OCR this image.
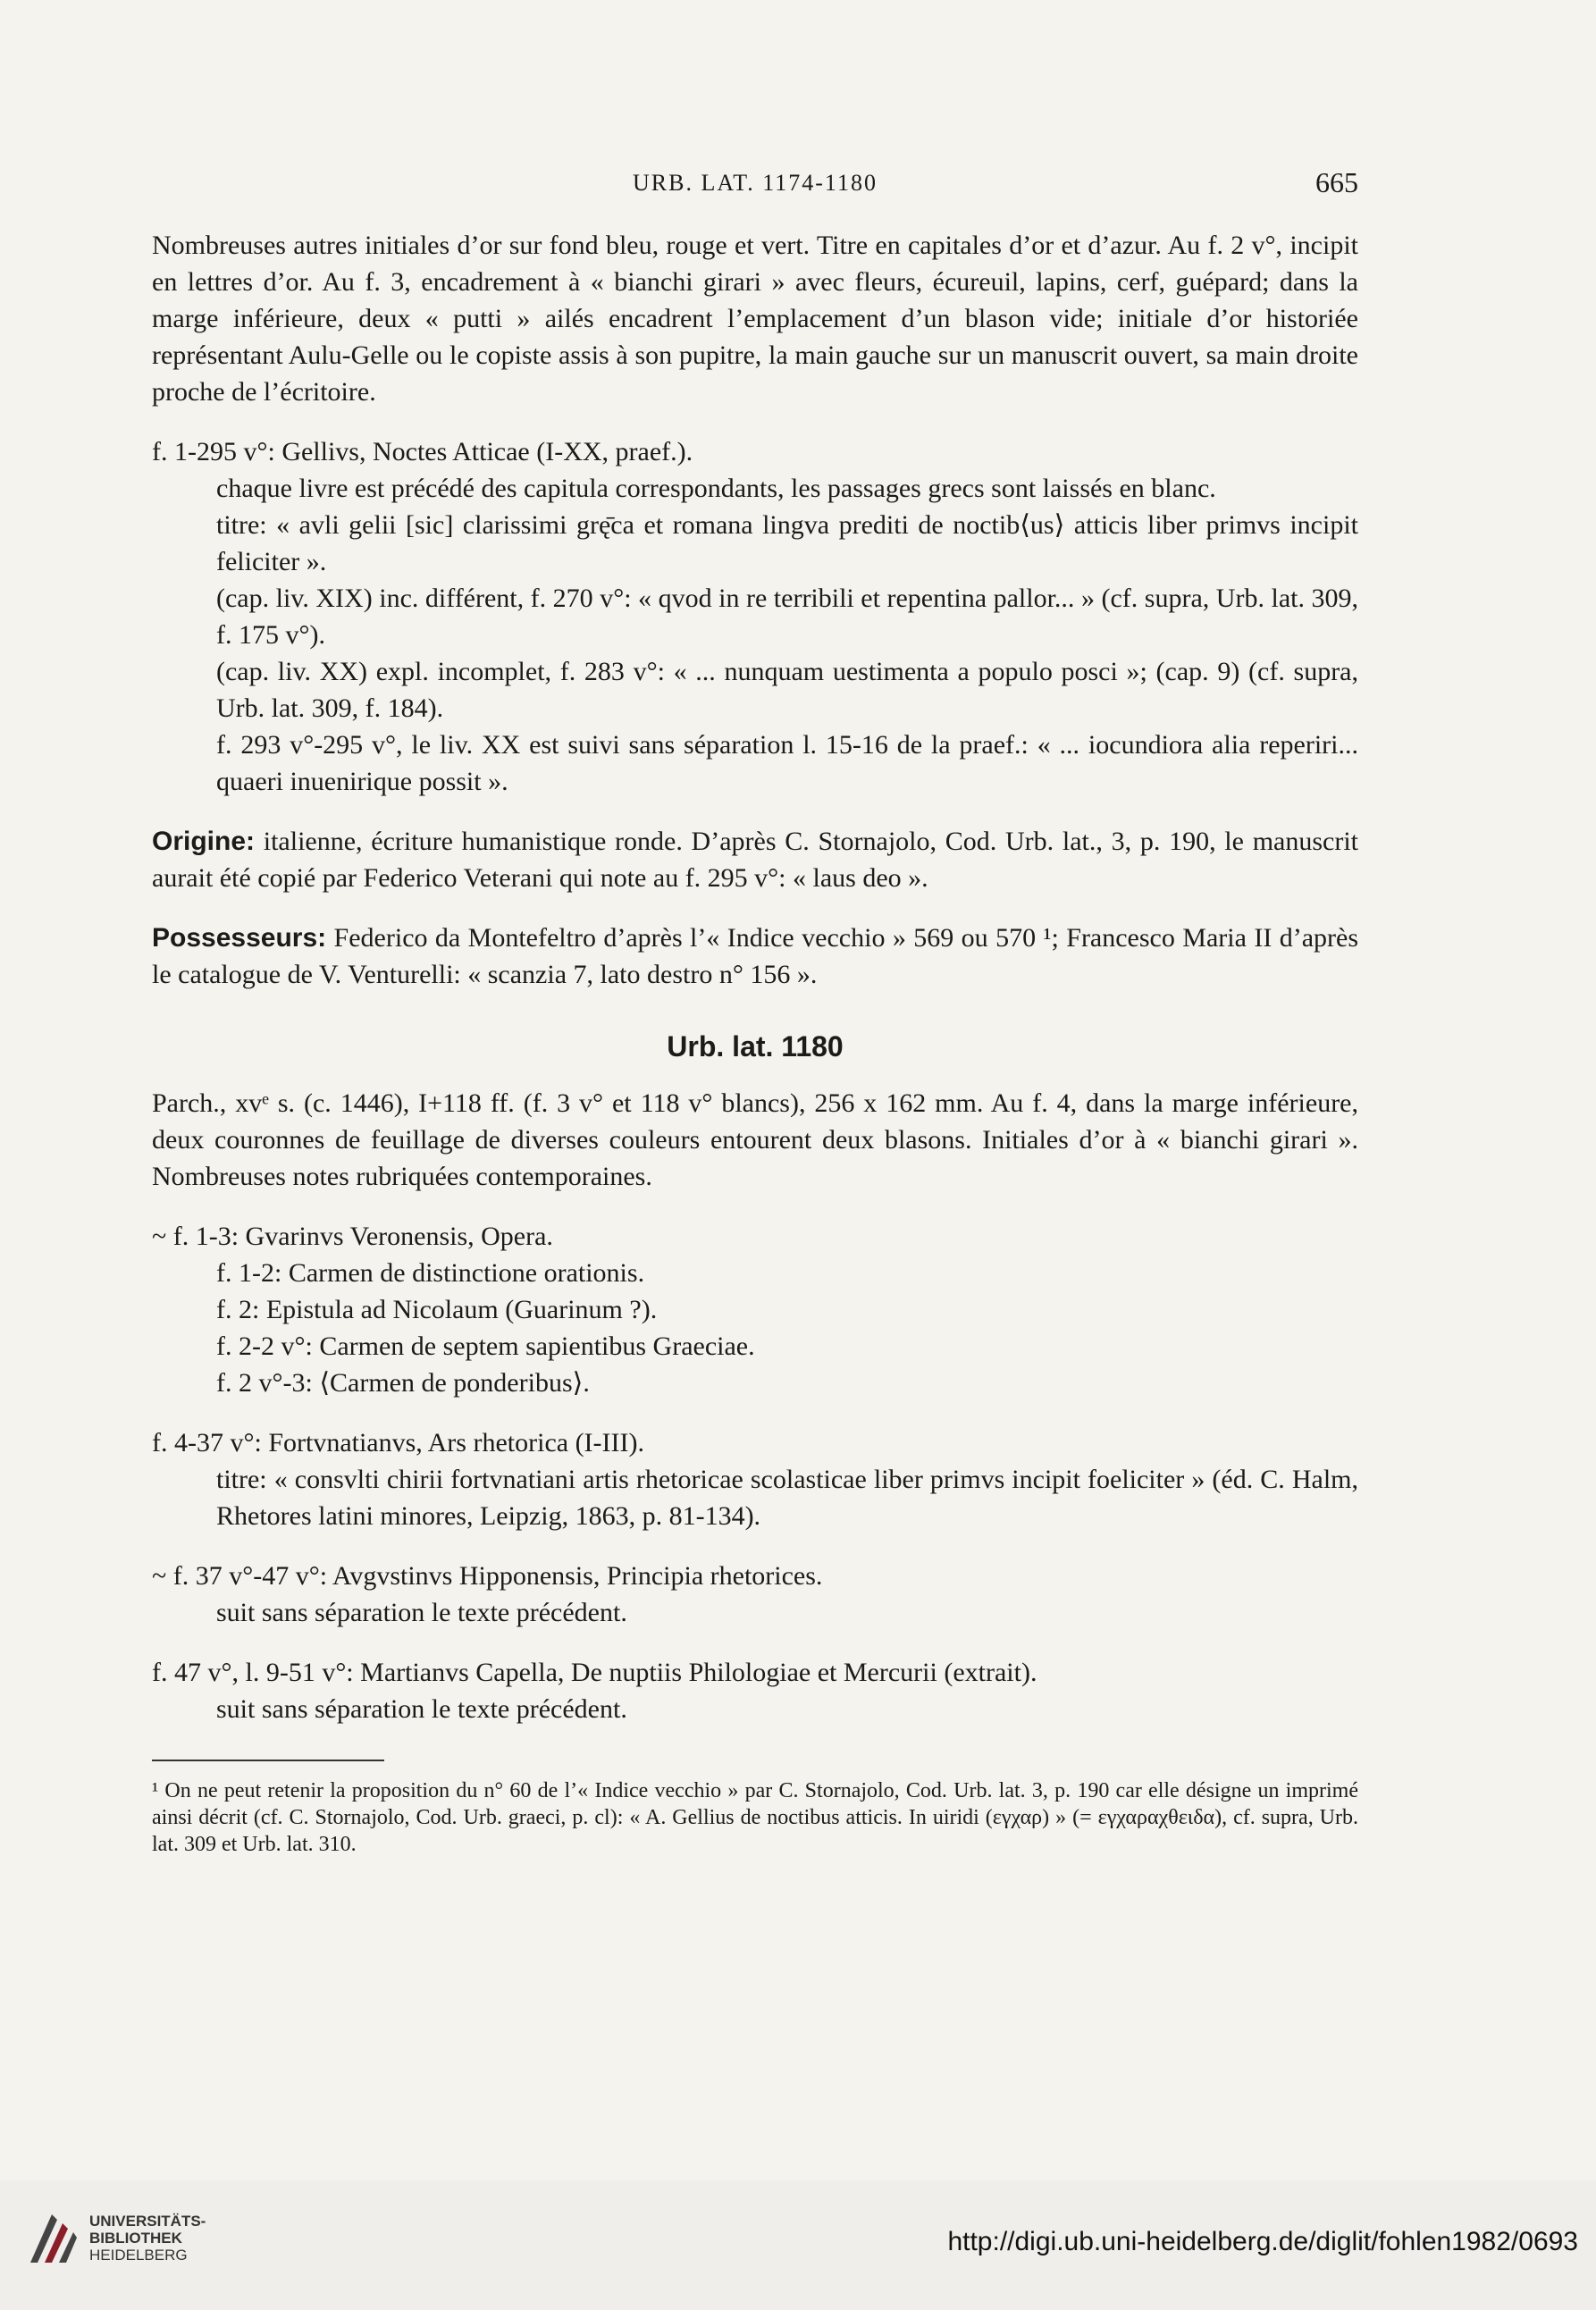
URB. LAT. 1174-1180	665

Nombreuses autres initiales d’or sur fond bleu, rouge et vert. Titre en capitales d’or et d’azur. Au f. 2 v°, incipit en lettres d’or. Au f. 3, encadrement à « bianchi girari » avec fleurs, écureuil, lapins, cerf, guépard; dans la marge inférieure, deux « putti » ailés encadrent l’emplacement d’un blason vide; initiale d’or historiée représentant Aulu-Gelle ou le copiste assis à son pupitre, la main gauche sur un manuscrit ouvert, sa main droite proche de l’écritoire.

f. 1-295 v°: Gellivs, Noctes Atticae (I-XX, praef.).

chaque livre est précédé des capitula correspondants, les passages grecs sont laissés en blanc.

titre: « avli gelii [sic] clarissimi grę̄ca et romana lingva prediti de noctib⟨us⟩ atticis liber primvs incipit feliciter ».

(cap. liv. XIX) inc. différent, f. 270 v°: « qvod in re terribili et repentina pallor... » (cf. supra, Urb. lat. 309, f. 175 v°).

(cap. liv. XX) expl. incomplet, f. 283 v°: « ... nunquam uestimenta a populo posci »; (cap. 9) (cf. supra, Urb. lat. 309, f. 184).

f. 293 v°-295 v°, le liv. XX est suivi sans séparation l. 15-16 de la praef.: « ... iocundiora alia reperiri... quaeri inuenirique possit ».

Origine: italienne, écriture humanistique ronde. D’après C. Stornajolo, Cod. Urb. lat., 3, p. 190, le manuscrit aurait été copié par Federico Veterani qui note au f. 295 v°: « laus deo ».

Possesseurs: Federico da Montefeltro d’après l’« Indice vecchio » 569 ou 570 ¹; Francesco Maria II d’après le catalogue de V. Venturelli: « scanzia 7, lato destro n° 156 ».

Urb. lat. 1180

Parch., xvᵉ s. (c. 1446), I+118 ff. (f. 3 v° et 118 v° blancs), 256 x 162 mm. Au f. 4, dans la marge inférieure, deux couronnes de feuillage de diverses couleurs entourent deux blasons. Initiales d’or à « bianchi girari ». Nombreuses notes rubriquées contemporaines.

~ f. 1-3: Gvarinvs Veronensis, Opera.

f. 1-2: Carmen de distinctione orationis.

f. 2: Epistula ad Nicolaum (Guarinum ?).

f. 2-2 v°: Carmen de septem sapientibus Graeciae.

f. 2 v°-3: ⟨Carmen de ponderibus⟩.

f. 4-37 v°: Fortvnatianvs, Ars rhetorica (I-III).

titre: « consvlti chirii fortvnatiani artis rhetoricae scolasticae liber primvs incipit foeliciter » (éd. C. Halm, Rhetores latini minores, Leipzig, 1863, p. 81-134).

~ f. 37 v°-47 v°: Avgvstinvs Hipponensis, Principia rhetorices.

suit sans séparation le texte précédent.

f. 47 v°, l. 9-51 v°: Martianvs Capella, De nuptiis Philologiae et Mercurii (extrait).

suit sans séparation le texte précédent.

¹ On ne peut retenir la proposition du n° 60 de l’« Indice vecchio » par C. Stornajolo, Cod. Urb. lat. 3, p. 190 car elle désigne un imprimé ainsi décrit (cf. C. Stornajolo, Cod. Urb. graeci, p. cl): « A. Gellius de noctibus atticis. In uiridi (εγχαρ) » (= εγχαραχθειδα), cf. supra, Urb. lat. 309 et Urb. lat. 310.

UNIVERSITÄTS-
BIBLIOTHEK
HEIDELBERG	http://digi.ub.uni-heidelberg.de/diglit/fohlen1982/0693
